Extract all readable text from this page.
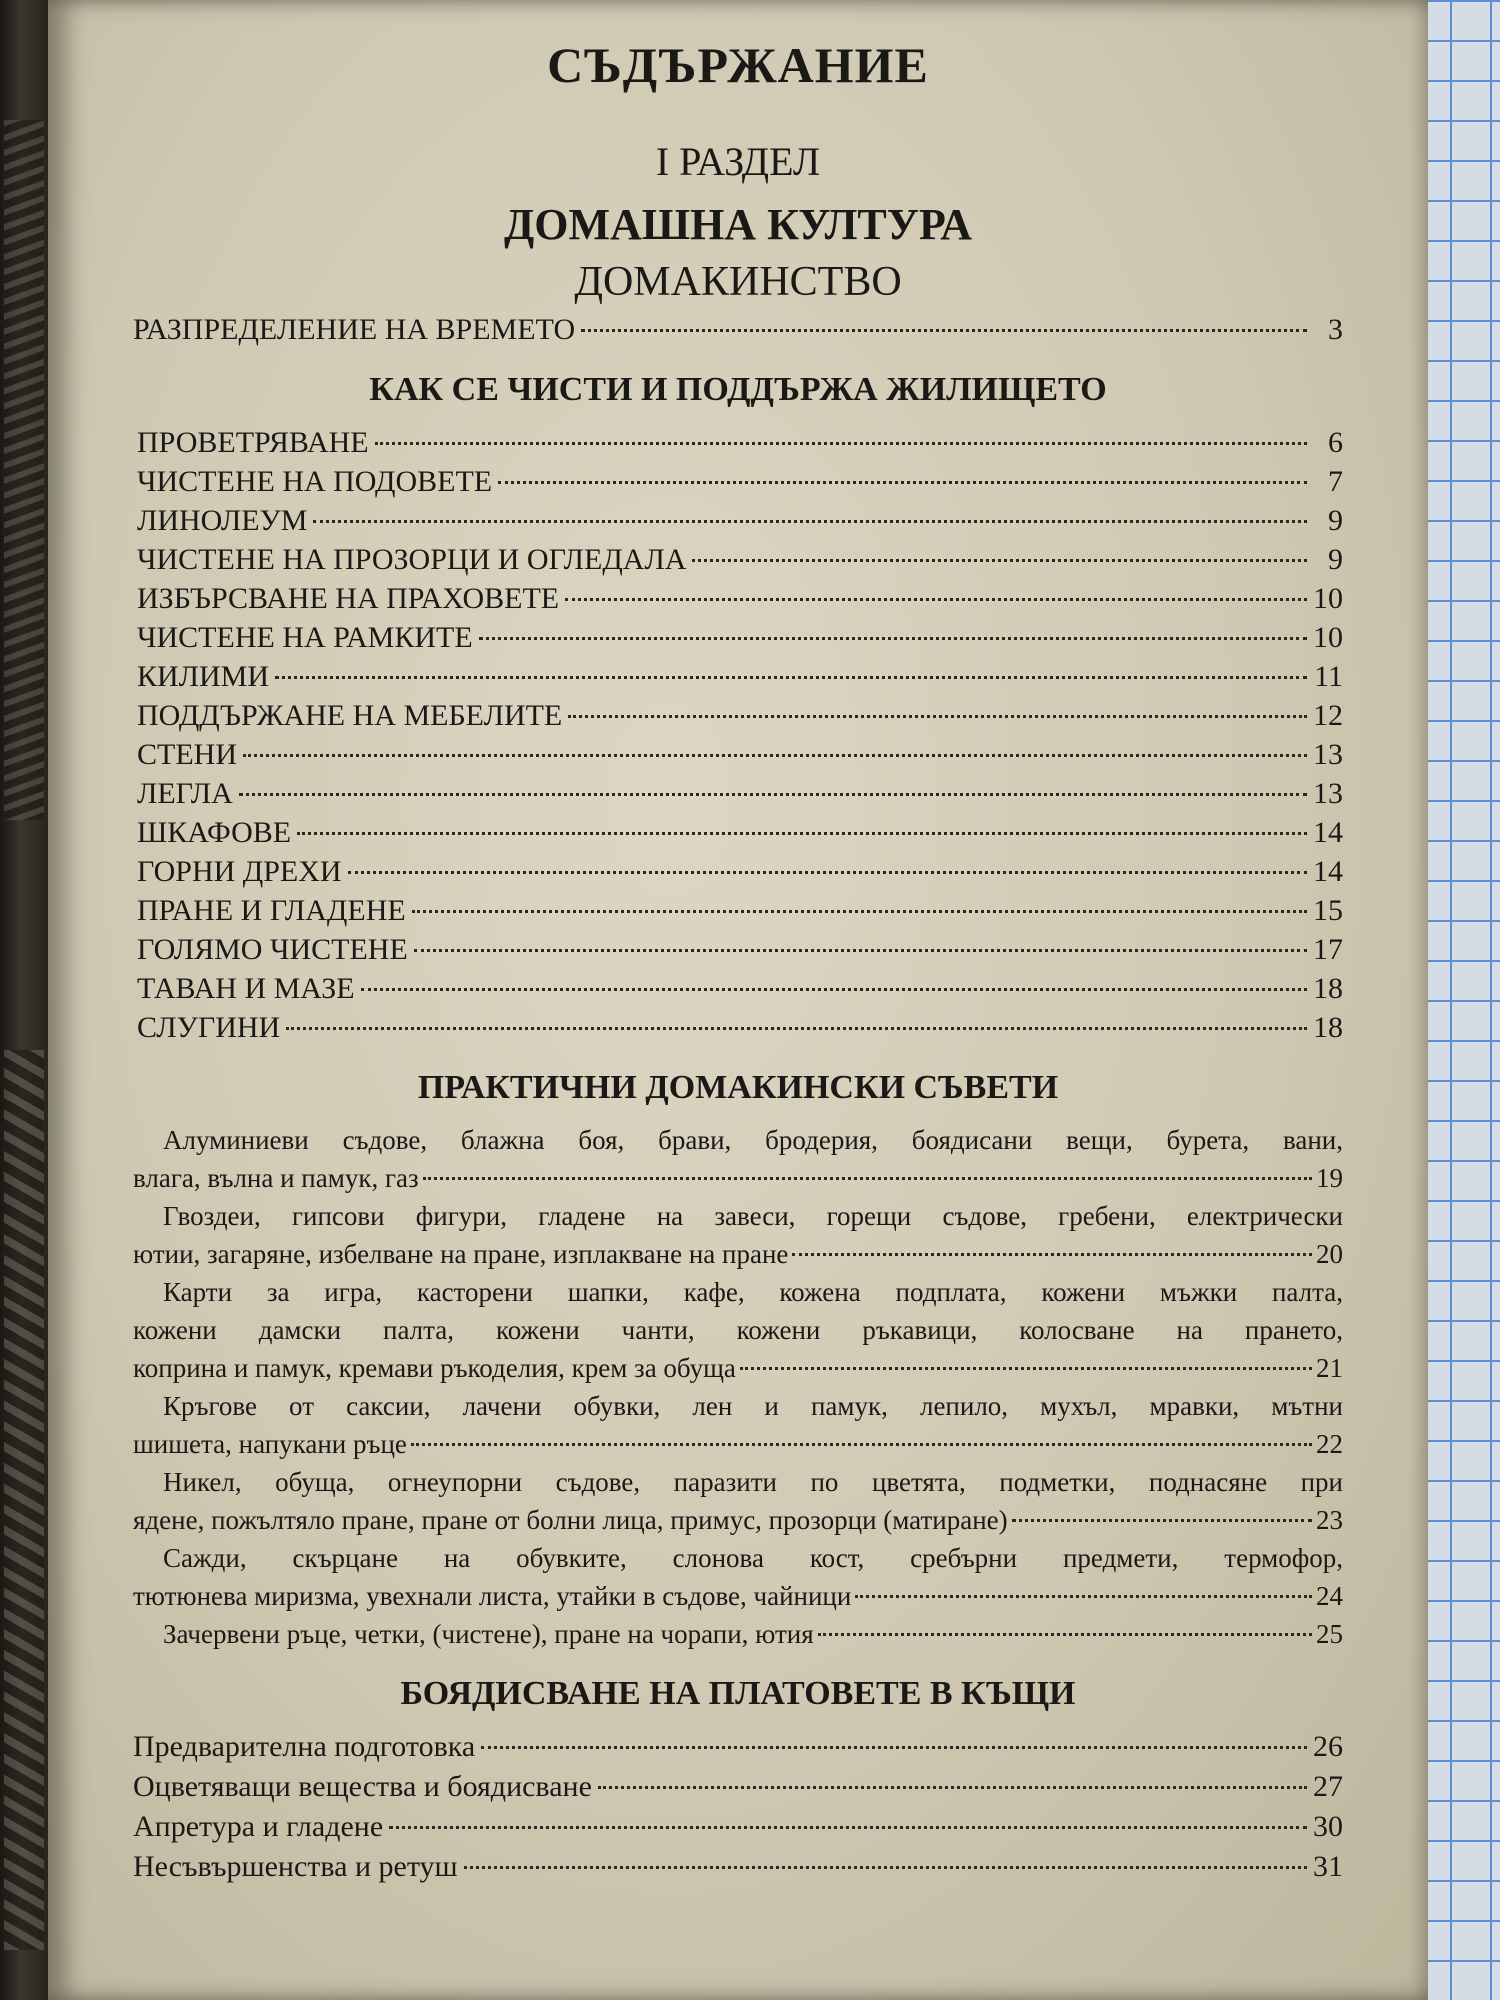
СЪДЪРЖАНИЕ
I РАЗДЕЛ
ДОМАШНА КУЛТУРА
ДОМАКИНСТВО
РАЗПРЕДЕЛЕНИЕ НА ВРЕМЕТО	3
КАК СЕ ЧИСТИ И ПОДДЪРЖА ЖИЛИЩЕТО
ПРОВЕТРЯВАНЕ	6
ЧИСТЕНЕ НА ПОДОВЕТЕ	7
ЛИНОЛЕУМ	9
ЧИСТЕНЕ НА ПРОЗОРЦИ И ОГЛЕДАЛА	9
ИЗБЪРСВАНЕ НА ПРАХОВЕТЕ	10
ЧИСТЕНЕ НА РАМКИТЕ	10
КИЛИМИ	11
ПОДДЪРЖАНЕ НА МЕБЕЛИТЕ	12
СТЕНИ	13
ЛЕГЛА	13
ШКАФОВЕ	14
ГОРНИ ДРЕХИ	14
ПРАНЕ И ГЛАДЕНЕ	15
ГОЛЯМО ЧИСТЕНЕ	17
ТАВАН И МАЗЕ	18
СЛУГИНИ	18
ПРАКТИЧНИ ДОМАКИНСКИ СЪВЕТИ
Алуминиеви съдове, блажна боя, брави, бродерия, боядисани вещи, бурета, вани,
влага, вълна и памук, газ	19
Гвоздеи, гипсови фигури, гладене на завеси, горещи съдове, гребени, електрически
ютии, загаряне, избелване на пране, изплакване на пране	20
Карти за игра, касторени шапки, кафе, кожена подплата, кожени мъжки палта,
кожени дамски палта, кожени чанти, кожени ръкавици, колосване на прането,
коприна и памук, кремави ръкоделия, крем за обуща	21
Кръгове от саксии, лачени обувки, лен и памук, лепило, мухъл, мравки, мътни
шишета, напукани ръце	22
Никел, обуща, огнеупорни съдове, паразити по цветята, подметки, поднасяне при
ядене, пожълтяло пране, пране от болни лица, примус, прозорци (матиране)	23
Сажди, скърцане на обувките, слонова кост, сребърни предмети, термофор,
тютюнева миризма, увехнали листа, утайки в съдове, чайници	24
Зачервени ръце, четки, (чистене), пране на чорапи, ютия	25
БОЯДИСВАНЕ НА ПЛАТОВЕТЕ В КЪЩИ
Предварителна подготовка	26
Оцветяващи вещества и боядисване	27
Апретура и гладене	30
Несъвършенства и ретуш	31
